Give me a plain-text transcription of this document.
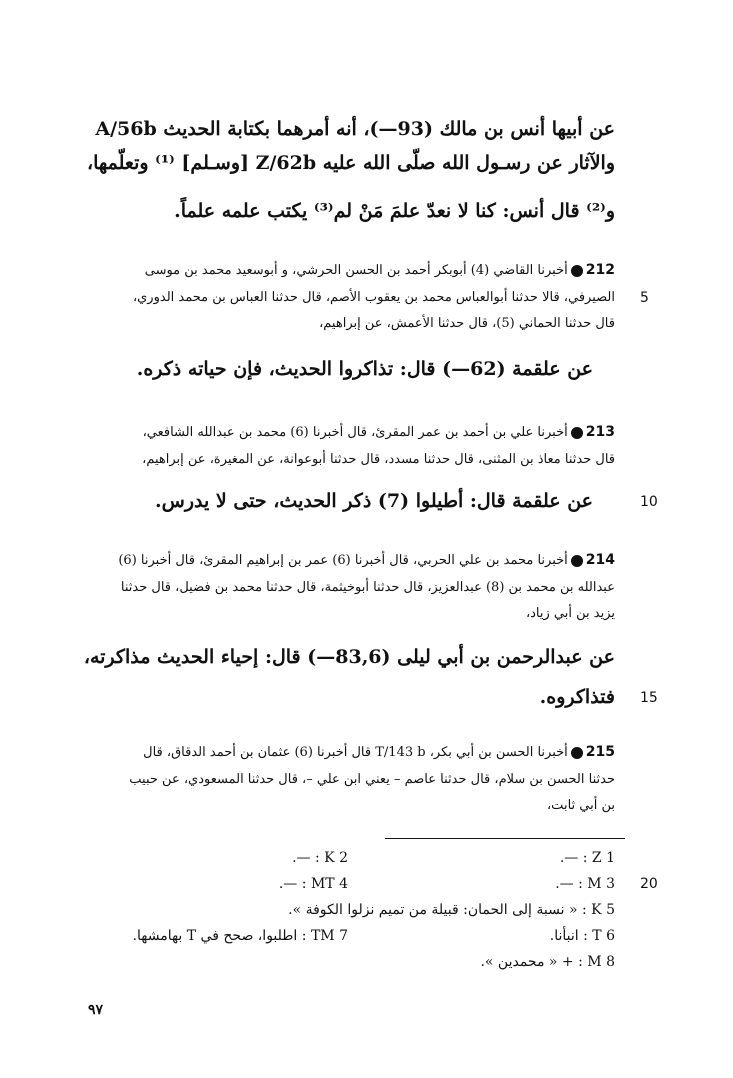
عن أبيها أنس بن مالك (93—)، أنه أمرهما بكتابة الحديث A/56b
والآثار عن رسـول الله صلّى الله عليه Z/62b [وسـلم] ⁽¹⁾ وتعلّمها،
و⁽²⁾ قال أنس: كنا لا نعدّ علمَ مَنْ لم⁽³⁾ يكتب علمه علماً.
212أخبرنا القاضي (4) أبوبكر أحمد بن الحسن الحرشي، و أبوسعيد محمد بن موسى
الصيرفي، قالا حدثنا أبوالعباس محمد بن يعقوب الأصم، قال حدثنا العباس بن محمد الدوري،
قال حدثنا الحماني (5)، قال حدثنا الأعمش، عن إبراهيم،
عن علقمة (62—) قال: تذاكروا الحديث، فإن حياته ذكره.
5
213أخبرنا علي بن أحمد بن عمر المقرئ، قال أخبرنا (6) محمد بن عبدالله الشافعي،
قال حدثنا معاذ بن المثنى، قال حدثنا مسدد، قال حدثنا أبوعوانة، عن المغيرة، عن إبراهيم،
عن علقمة قال: أطيلوا (7) ذكر الحديث، حتى لا يدرس.	10
214أخبرنا محمد بن علي الحربي، قال أخبرنا (6) عمر بن إبراهيم المقرئ، قال أخبرنا (6)
عبدالله بن محمد بن (8) عبدالعزيز، قال حدثنا أبوخيثمة، قال حدثنا محمد بن فضيل، قال حدثنا
يزيد بن أبي زياد،
عن عبدالرحمن بن أبي ليلى (83,6—) قال: إحياء الحديث مذاكرته،
فتذاكروه. 15
215أخبرنا الحسن بن أبي بكر، T/143 b قال أخبرنا (6) عثمان بن أحمد الدقاق، قال
حدثنا الحسن بن سلام، قال حدثنا عاصم – يعني ابن علي –، قال حدثنا المسعودي، عن حبيب
بن أبي ثابت،
1 Z : —.
3 M : —.
5 K : « نسبة إلى الحمان: قبيلة من تميم نزلوا الكوفة ».
6 T : انبأنا.
8 M : + « محمدين ».
2 K : —.
4 MT : —.
7 TM : اطلبوا، صحح في T بهامشها.
20
٩٧
